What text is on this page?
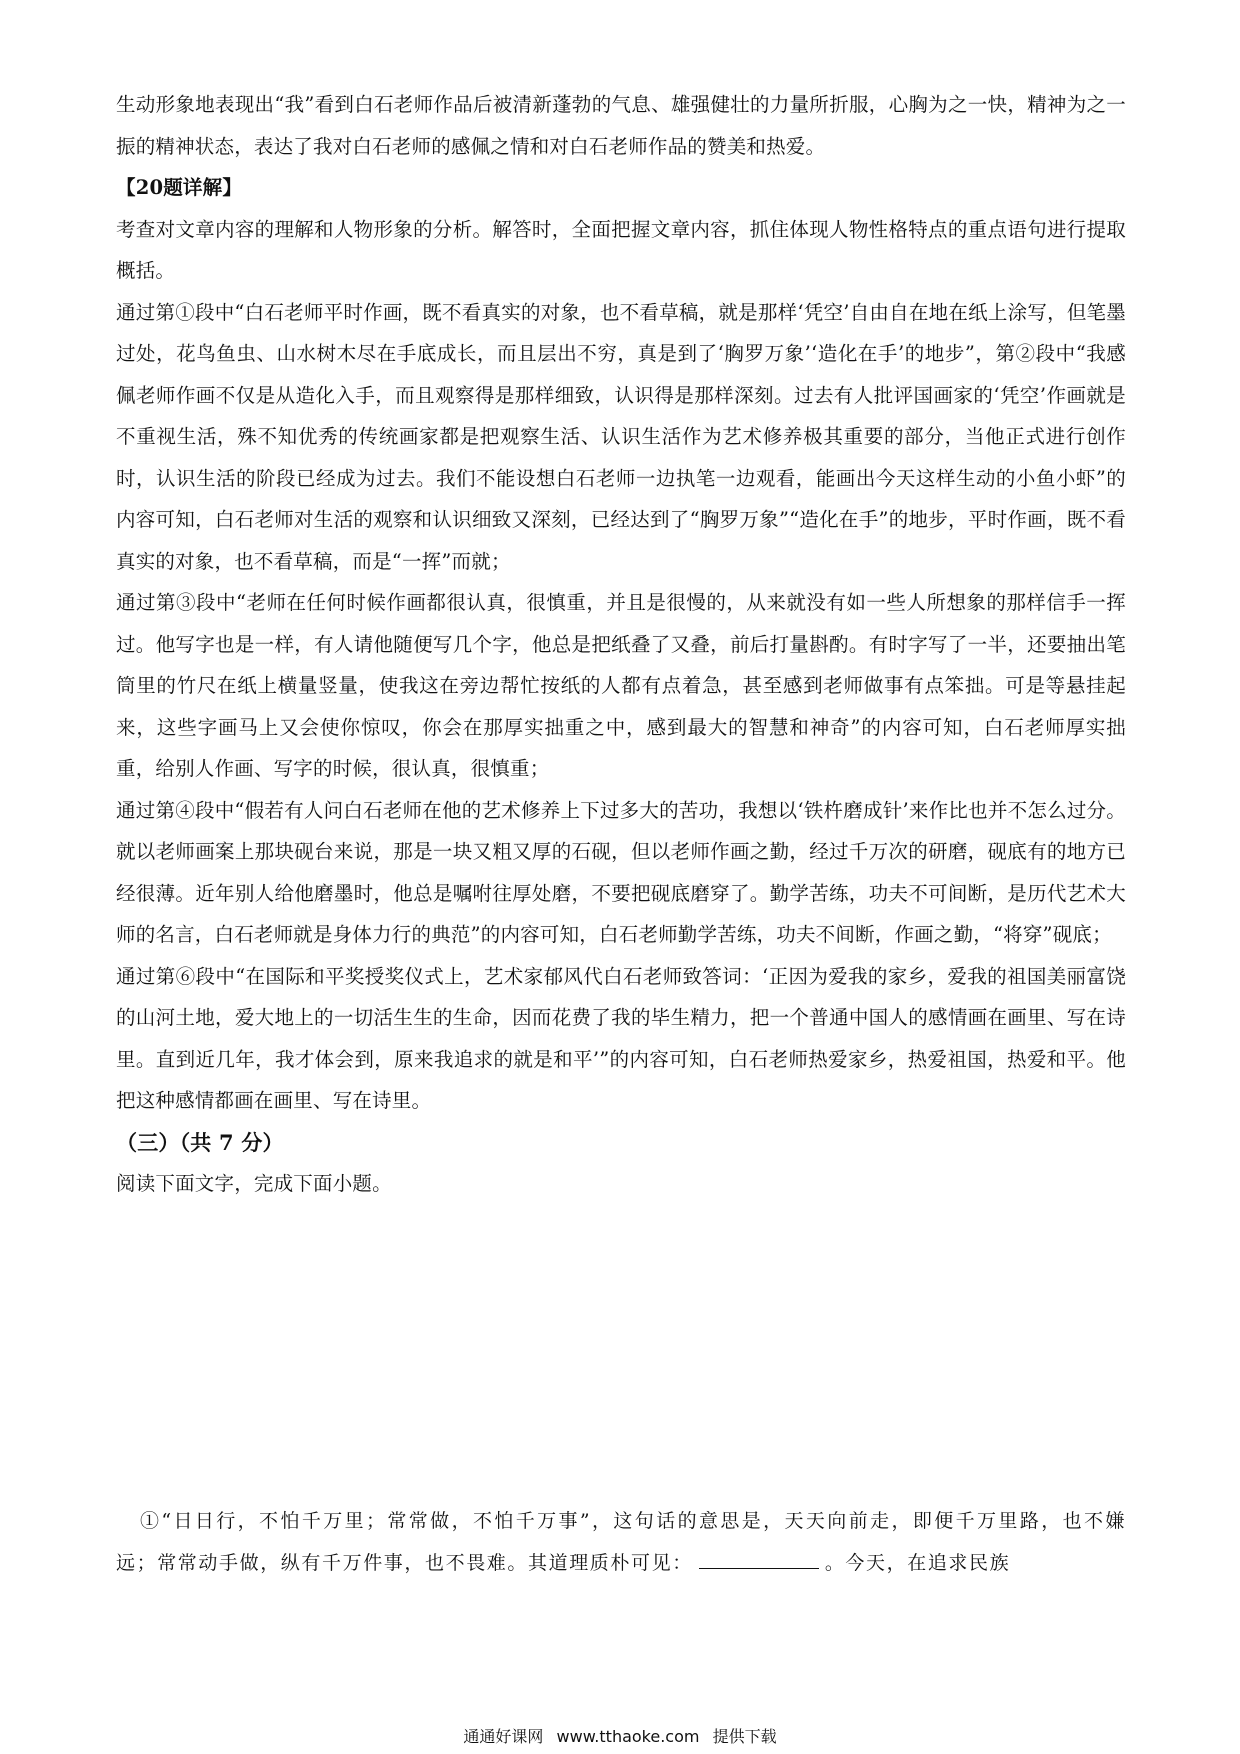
生动形象地表现出“我”看到白石老师作品后被清新蓬勃的气息、雄强健壮的力量所折服，心胸为之一快，精神为之一振的精神状态，表达了我对白石老师的感佩之情和对白石老师作品的赞美和热爱。

【20题详解】

考查对文章内容的理解和人物形象的分析。解答时，全面把握文章内容，抓住体现人物性格特点的重点语句进行提取概括。

通过第①段中“白石老师平时作画，既不看真实的对象，也不看草稿，就是那样‘凭空’自由自在地在纸上涂写，但笔墨过处，花鸟鱼虫、山水树木尽在手底成长，而且层出不穷，真是到了‘胸罗万象’‘造化在手’的地步”，第②段中“我感佩老师作画不仅是从造化入手，而且观察得是那样细致，认识得是那样深刻。过去有人批评国画家的‘凭空’作画就是不重视生活，殊不知优秀的传统画家都是把观察生活、认识生活作为艺术修养极其重要的部分，当他正式进行创作时，认识生活的阶段已经成为过去。我们不能设想白石老师一边执笔一边观看，能画出今天这样生动的小鱼小虾”的内容可知，白石老师对生活的观察和认识细致又深刻，已经达到了“胸罗万象”“造化在手”的地步，平时作画，既不看真实的对象，也不看草稿，而是“一挥”而就；

通过第③段中“老师在任何时候作画都很认真，很慎重，并且是很慢的，从来就没有如一些人所想象的那样信手一挥过。他写字也是一样，有人请他随便写几个字，他总是把纸叠了又叠，前后打量斟酌。有时字写了一半，还要抽出笔筒里的竹尺在纸上横量竖量，使我这在旁边帮忙按纸的人都有点着急，甚至感到老师做事有点笨拙。可是等悬挂起来，这些字画马上又会使你惊叹，你会在那厚实拙重之中，感到最大的智慧和神奇”的内容可知，白石老师厚实拙重，给别人作画、写字的时候，很认真，很慎重；

通过第④段中“假若有人问白石老师在他的艺术修养上下过多大的苦功，我想以‘铁杵磨成针’来作比也并不怎么过分。就以老师画案上那块砚台来说，那是一块又粗又厚的石砚，但以老师作画之勤，经过千万次的研磨，砚底有的地方已经很薄。近年别人给他磨墨时，他总是嘱咐往厚处磨，不要把砚底磨穿了。勤学苦练，功夫不可间断，是历代艺术大师的名言，白石老师就是身体力行的典范”的内容可知，白石老师勤学苦练，功夫不间断，作画之勤，“将穿”砚底；

通过第⑥段中“在国际和平奖授奖仪式上，艺术家郁风代白石老师致答词：‘正因为爱我的家乡，爱我的祖国美丽富饶的山河土地，爱大地上的一切活生生的生命，因而花费了我的毕生精力，把一个普通中国人的感情画在画里、写在诗里。直到近几年，我才体会到，原来我追求的就是和平’”的内容可知，白石老师热爱家乡，热爱祖国，热爱和平。他把这种感情都画在画里、写在诗里。

（三）（共 7 分）

阅读下面文字，完成下面小题。

①“日日行，不怕千万里；常常做，不怕千万事”，这句话的意思是，天天向前走，即便千万里路，也不嫌远；常常动手做，纵有千万件事，也不畏难。其道理质朴可见：	。今天，在追求民族
通通好课网 www.tthaoke.com 提供下载
